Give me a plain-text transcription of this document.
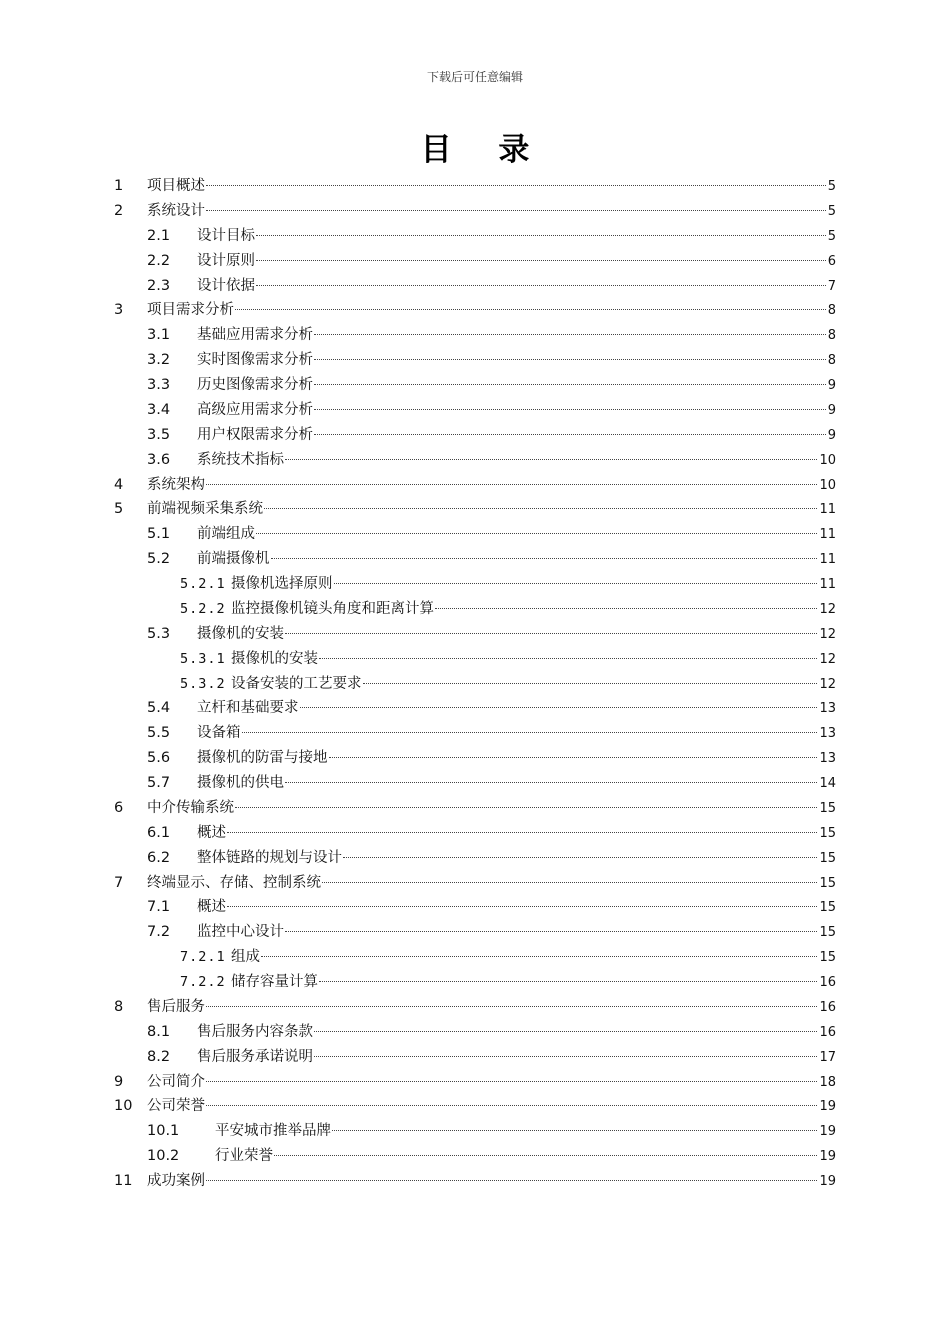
下载后可任意编辑
目 录
1 项目概述	5
2 系统设计	5
2.1 设计目标	5
2.2 设计原则	6
2.3 设计依据	7
3 项目需求分析	8
3.1 基础应用需求分析	8
3.2 实时图像需求分析	8
3.3 历史图像需求分析	9
3.4 高级应用需求分析	9
3.5 用户权限需求分析	9
3.6 系统技术指标	10
4 系统架构	10
5 前端视频采集系统	11
5.1 前端组成	11
5.2 前端摄像机	11
5.2.1 摄像机选择原则	11
5.2.2 监控摄像机镜头角度和距离计算	12
5.3 摄像机的安装	12
5.3.1 摄像机的安装	12
5.3.2 设备安装的工艺要求	12
5.4 立杆和基础要求	13
5.5 设备箱	13
5.6 摄像机的防雷与接地	13
5.7 摄像机的供电	14
6 中介传输系统	15
6.1 概述	15
6.2 整体链路的规划与设计	15
7 终端显示、存储、控制系统	15
7.1 概述	15
7.2 监控中心设计	15
7.2.1 组成	15
7.2.2 储存容量计算	16
8 售后服务	16
8.1 售后服务内容条款	16
8.2 售后服务承诺说明	17
9 公司简介	18
10 公司荣誉	19
10.1 平安城市推举品牌	19
10.2 行业荣誉	19
11 成功案例	19
